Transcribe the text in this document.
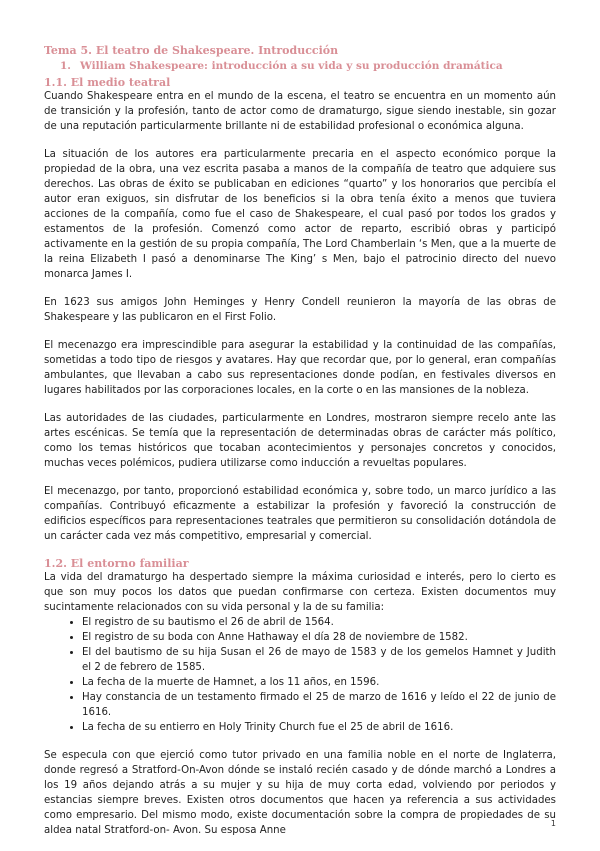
Tema 5. El teatro de Shakespeare. Introducción
1. William Shakespeare: introducción a su vida y su producción dramática
1.1. El medio teatral

Cuando Shakespeare entra en el mundo de la escena, el teatro se encuentra en un momento aún de transición y la profesión, tanto de actor como de dramaturgo, sigue siendo inestable, sin gozar de una reputación particularmente brillante ni de estabilidad profesional o económica alguna.

La situación de los autores era particularmente precaria en el aspecto económico porque la propiedad de la obra, una vez escrita pasaba a manos de la compañía de teatro que adquiere sus derechos. Las obras de éxito se publicaban en ediciones “quarto” y los honorarios que percibía el autor eran exiguos, sin disfrutar de los beneficios si la obra tenía éxito a menos que tuviera acciones de la compañía, como fue el caso de Shakespeare, el cual pasó por todos los grados y estamentos de la profesión. Comenzó como actor de reparto, escribió obras y participó activamente en la gestión de su propia compañía, The Lord Chamberlain ‘s Men, que a la muerte de la reina Elizabeth I pasó a denominarse The King’ s Men, bajo el patrocinio directo del nuevo monarca James I.

En 1623 sus amigos John Heminges y Henry Condell reunieron la mayoría de las obras de Shakespeare y las publicaron en el First Folio.

El mecenazgo era imprescindible para asegurar la estabilidad y la continuidad de las compañías, sometidas a todo tipo de riesgos y avatares. Hay que recordar que, por lo general, eran compañías ambulantes, que llevaban a cabo sus representaciones donde podían, en festivales diversos en lugares habilitados por las corporaciones locales, en la corte o en las mansiones de la nobleza.

Las autoridades de las ciudades, particularmente en Londres, mostraron siempre recelo ante las artes escénicas. Se temía que la representación de determinadas obras de carácter más político, como los temas históricos que tocaban acontecimientos y personajes concretos y conocidos, muchas veces polémicos, pudiera utilizarse como inducción a revueltas populares.

El mecenazgo, por tanto, proporcionó estabilidad económica y, sobre todo, un marco jurídico a las compañías. Contribuyó eficazmente a estabilizar la profesión y favoreció la construcción de edificios específicos para representaciones teatrales que permitieron su consolidación dotándola de un carácter cada vez más competitivo, empresarial y comercial.

1.2. El entorno familiar

La vida del dramaturgo ha despertado siempre la máxima curiosidad e interés, pero lo cierto es que son muy pocos los datos que puedan confirmarse con certeza. Existen documentos muy sucintamente relacionados con su vida personal y la de su familia:

• El registro de su bautismo el 26 de abril de 1564.
• El registro de su boda con Anne Hathaway el día 28 de noviembre de 1582.
• El del bautismo de su hija Susan el 26 de mayo de 1583 y de los gemelos Hamnet y Judith el 2 de febrero de 1585.
• La fecha de la muerte de Hamnet, a los 11 años, en 1596.
• Hay constancia de un testamento firmado el 25 de marzo de 1616 y leído el 22 de junio de 1616.
• La fecha de su entierro en Holy Trinity Church fue el 25 de abril de 1616.

Se especula con que ejerció como tutor privado en una familia noble en el norte de Inglaterra, donde regresó a Stratford-On-Avon dónde se instaló recién casado y de dónde marchó a Londres a los 19 años dejando atrás a su mujer y su hija de muy corta edad, volviendo por periodos y estancias siempre breves. Existen otros documentos que hacen ya referencia a sus actividades como empresario. Del mismo modo, existe documentación sobre la compra de propiedades de su aldea natal Stratford-on- Avon. Su esposa Anne

1
